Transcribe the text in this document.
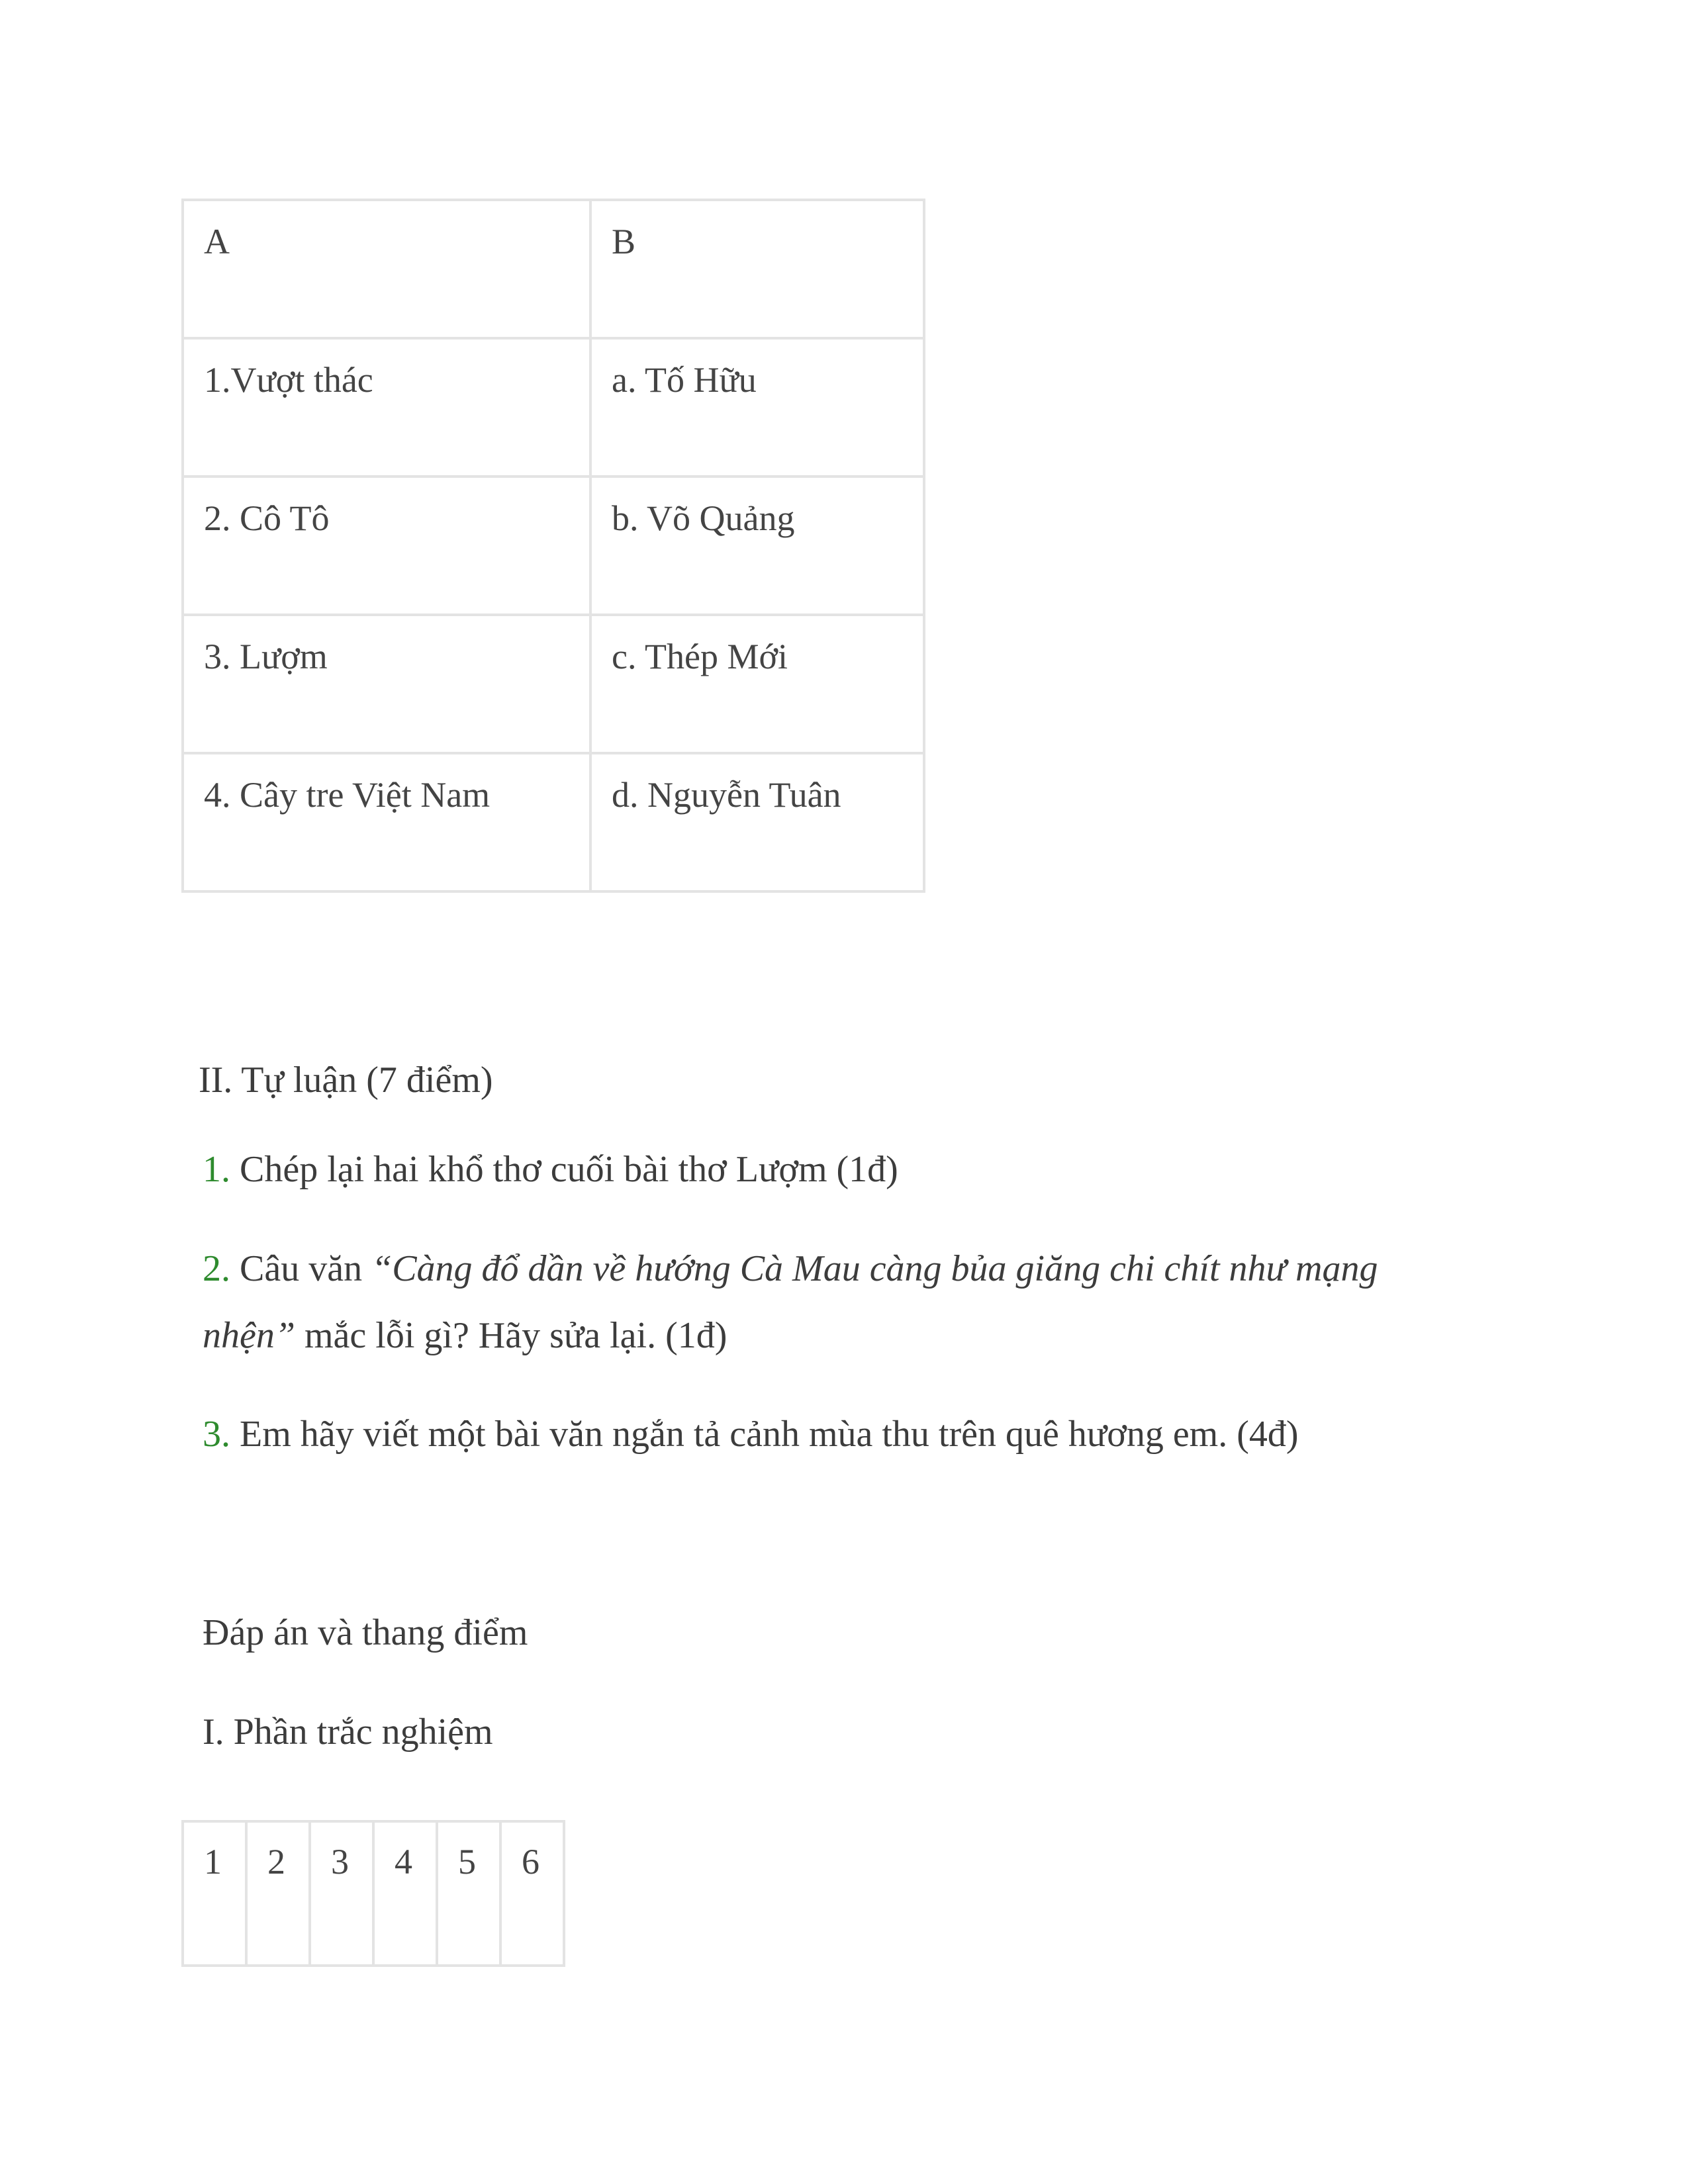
A	B
1.Vượt thác	a. Tố Hữu
2. Cô Tô	b. Võ Quảng
3. Lượm	c. Thép Mới
4. Cây tre Việt Nam	d. Nguyễn Tuân
II. Tự luận (7 điểm)
1. Chép lại hai khổ thơ cuối bài thơ Lượm (1đ)
2. Câu văn “Càng đổ dần về hướng Cà Mau càng bủa giăng chi chít như mạng
nhện” mắc lỗi gì? Hãy sửa lại. (1đ)
3. Em hãy viết một bài văn ngắn tả cảnh mùa thu trên quê hương em. (4đ)
Đáp án và thang điểm
I. Phần trắc nghiệm
1	2	3	4	5	6
